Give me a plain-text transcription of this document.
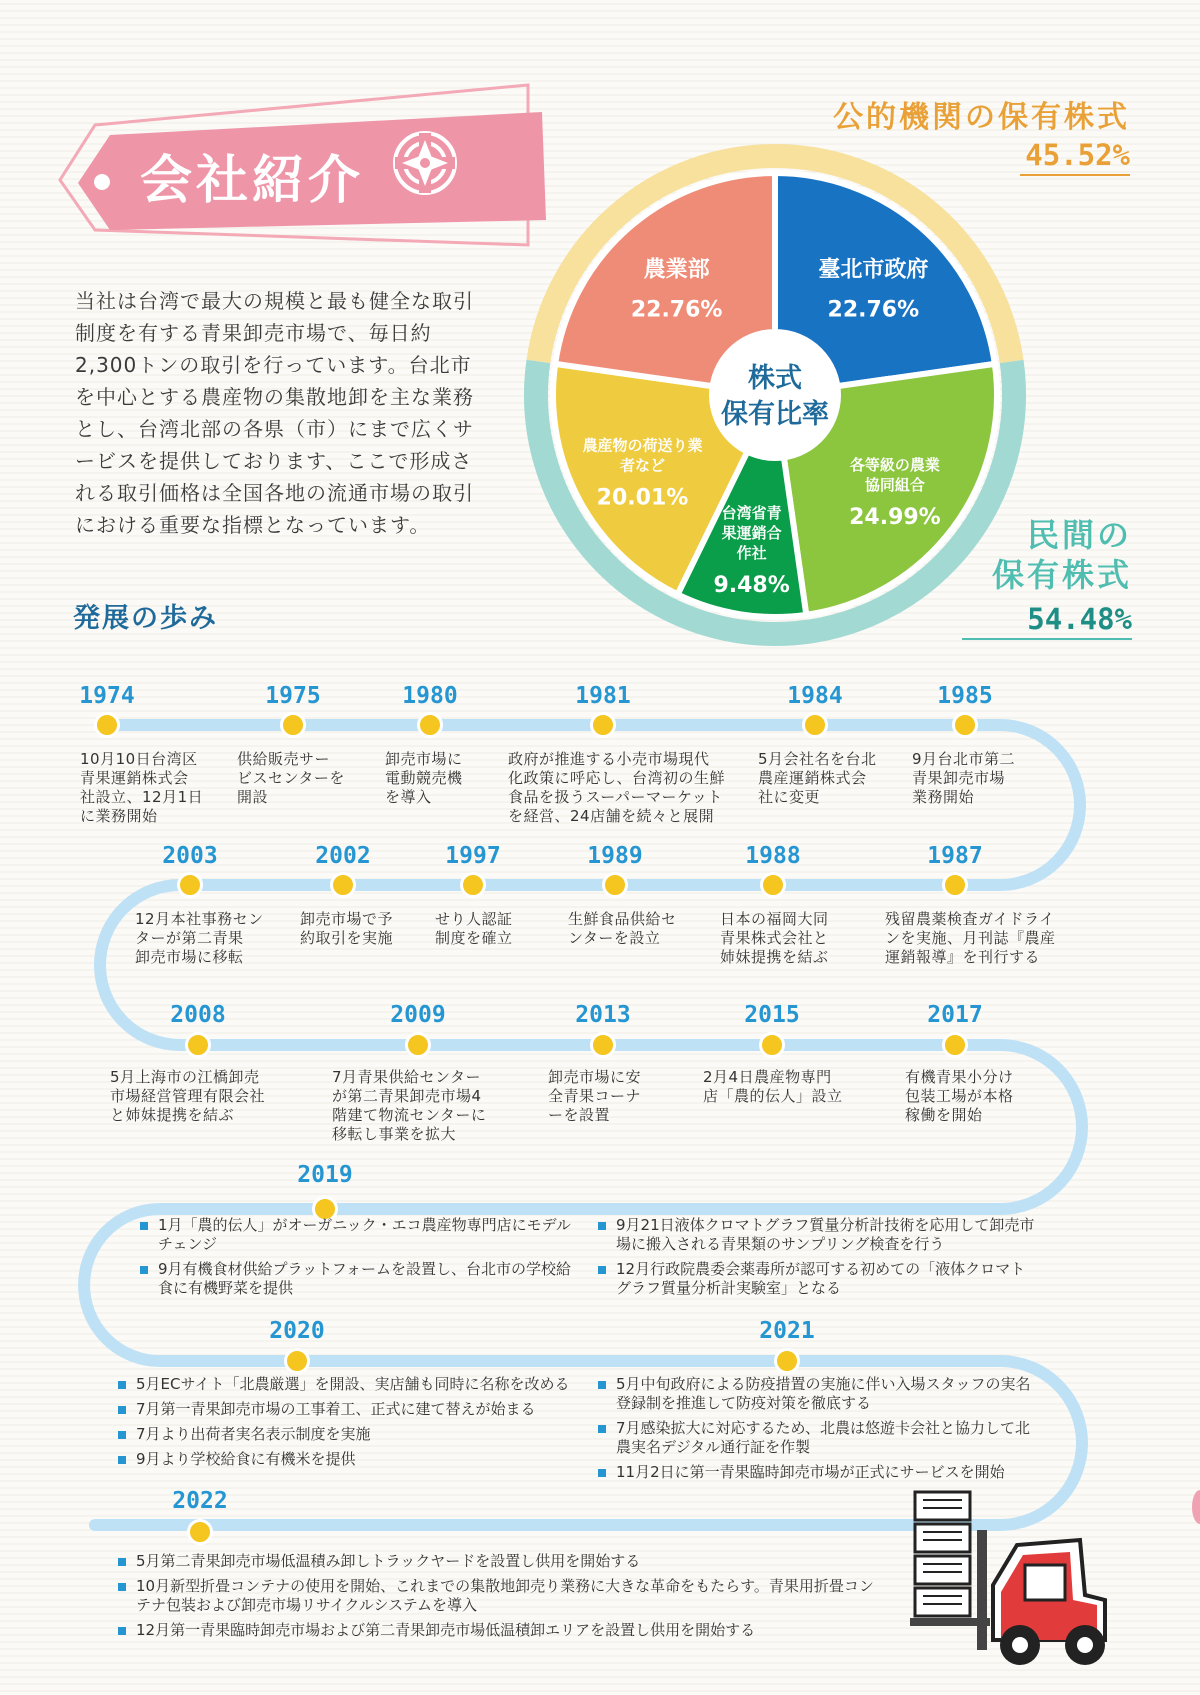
会社紹介
当社は台湾で最大の規模と最も健全な取引制度を有する青果卸売市場で、毎日約2,300トンの取引を行っています。台北市を中心とする農産物の集散地卸を主な業務とし、台湾北部の各県（市）にまで広くサービスを提供しております、ここで形成される取引価格は全国各地の流通市場の取引における重要な指標となっています。
公的機関の保有株式
45.52%
民間の
保有株式
54.48%
臺北市政府
22.76%
各等級の農業
協同組合
24.99%
台湾省青
果運銷合
作社
9.48%
農産物の荷送り業
者など
20.01%
農業部
22.76%
株式
保有比率
発展の歩み
1974
10月10日台湾区
青果運銷株式会
社設立、12月1日
に業務開始
1975
供給販売サー
ビスセンターを
開設
1980
卸売市場に
電動競売機
を導入
1981
政府が推進する小売市場現代
化政策に呼応し、台湾初の生鮮
食品を扱うスーパーマーケット
を経営、24店舗を続々と展開
1984
5月会社名を台北
農産運銷株式会
社に変更
1985
9月台北市第二
青果卸売市場
業務開始
2003
12月本社事務セン
ターが第二青果
卸売市場に移転
2002
卸売市場で予
約取引を実施
1997
せり人認証
制度を確立
1989
生鮮食品供給セ
ンターを設立
1988
日本の福岡大同
青果株式会社と
姉妹提携を結ぶ
1987
残留農薬検査ガイドライ
ンを実施、月刊誌『農産
運銷報導』を刊行する
2008
5月上海市の江橋卸売
市場経営管理有限会社
と姉妹提携を結ぶ
2009
7月青果供給センター
が第二青果卸売市場4
階建て物流センターに
移転し事業を拡大
2013
卸売市場に安
全青果コーナ
ーを設置
2015
2月4日農産物専門
店「農的伝人」設立
2017
有機青果小分け
包装工場が本格
稼働を開始
2019
1月「農的伝人」がオーガニック・エコ農産物専門店にモデルチェンジ
9月有機食材供給プラットフォームを設置し、台北市の学校給食に有機野菜を提供
9月21日液体クロマトグラフ質量分析計技術を応用して卸売市場に搬入される青果類のサンプリング検査を行う
12月行政院農委会薬毒所が認可する初めての「液体クロマトグラフ質量分析計実験室」となる
2020
5月ECサイト「北農厳選」を開設、実店舗も同時に名称を改める
7月第一青果卸売市場の工事着工、正式に建て替えが始まる
7月より出荷者実名表示制度を実施
9月より学校給食に有機米を提供
2021
5月中旬政府による防疫措置の実施に伴い入場スタッフの実名登録制を推進して防疫対策を徹底する
7月感染拡大に対応するため、北農は悠遊卡会社と協力して北農実名デジタル通行証を作製
11月2日に第一青果臨時卸売市場が正式にサービスを開始
2022
5月第二青果卸売市場低温積み卸しトラックヤードを設置し供用を開始する
10月新型折畳コンテナの使用を開始、これまでの集散地卸売り業務に大きな革命をもたらす。青果用折畳コンテナ包装および卸売市場リサイクルシステムを導入
12月第一青果臨時卸売市場および第二青果卸売市場低温積卸エリアを設置し供用を開始する
